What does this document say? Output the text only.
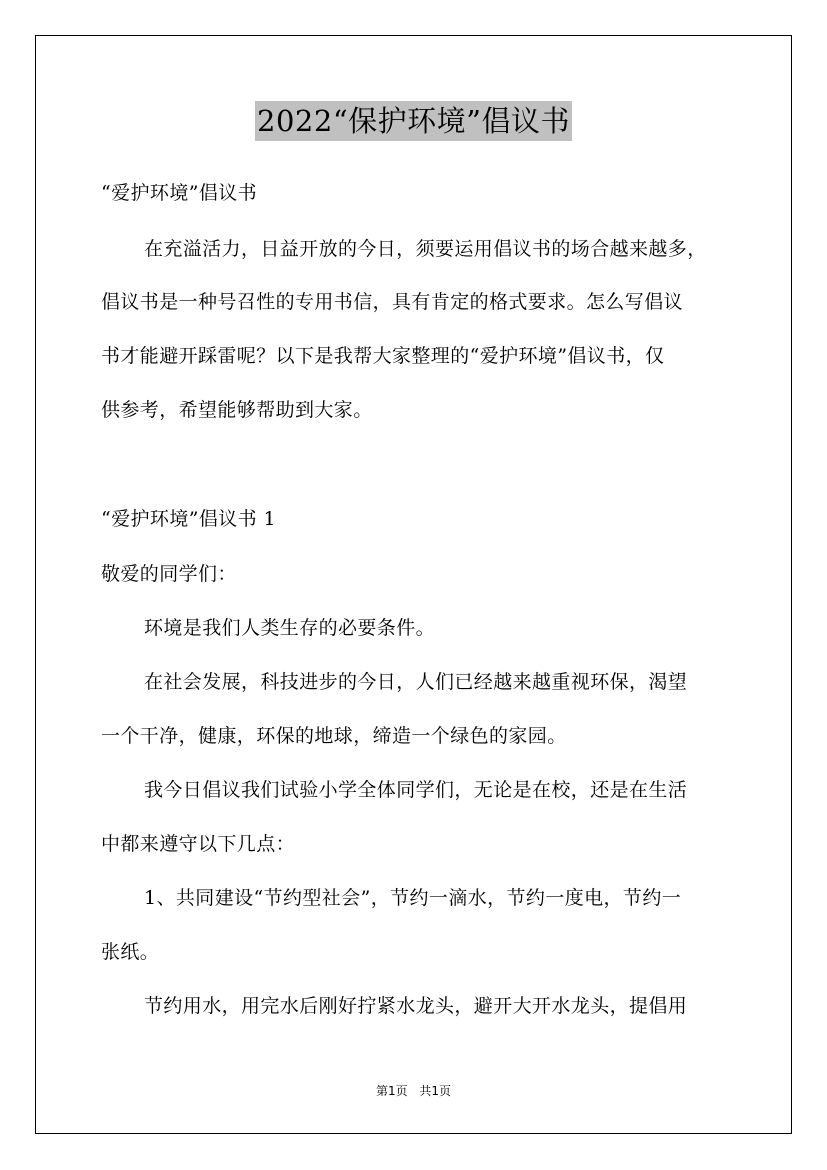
2022“保护环境”倡议书
“爱护环境”倡议书
在充溢活力，日益开放的今日，须要运用倡议书的场合越来越多，
倡议书是一种号召性的专用书信，具有肯定的格式要求。怎么写倡议
书才能避开踩雷呢？以下是我帮大家整理的“爱护环境”倡议书，仅
供参考，希望能够帮助到大家。
“爱护环境”倡议书 1
敬爱的同学们：
环境是我们人类生存的必要条件。
在社会发展，科技进步的今日，人们已经越来越重视环保，渴望
一个干净，健康，环保的地球，缔造一个绿色的家园。
我今日倡议我们试验小学全体同学们，无论是在校，还是在生活
中都来遵守以下几点：
1、共同建设“节约型社会”，节约一滴水，节约一度电，节约一
张纸。
节约用水，用完水后刚好拧紧水龙头，避开大开水龙头，提倡用
第1页 共1页
